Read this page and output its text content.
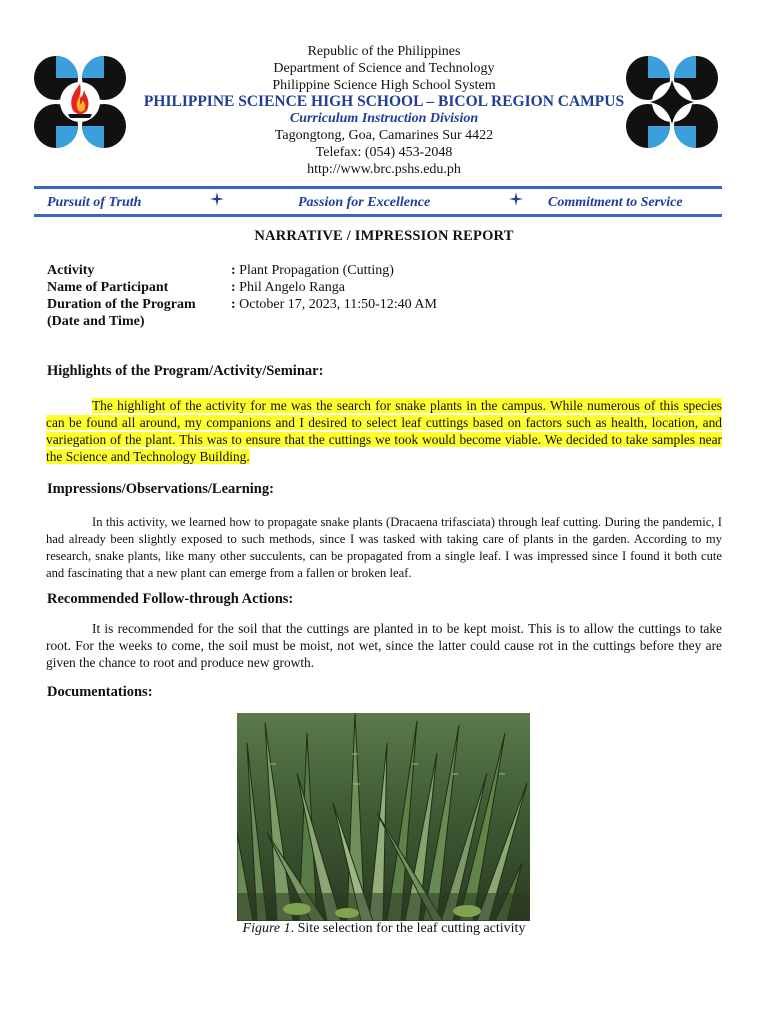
Republic of the Philippines
Department of Science and Technology
Philippine Science High School System
PHILIPPINE SCIENCE HIGH SCHOOL – BICOL REGION CAMPUS
Curriculum Instruction Division
Tagongtong, Goa, Camarines Sur 4422
Telefax: (054) 453-2048
http://www.brc.pshs.edu.ph
Pursuit of Truth	Passion for Excellence	Commitment to Service
NARRATIVE / IMPRESSION REPORT
Activity	: Plant Propagation (Cutting)
Name of Participant	: Phil Angelo Ranga
Duration of the Program	: October 17, 2023, 11:50-12:40 AM
(Date and Time)
Highlights of the Program/Activity/Seminar:
The highlight of the activity for me was the search for snake plants in the campus. While numerous of this species can be found all around, my companions and I desired to select leaf cuttings based on factors such as health, location, and variegation of the plant. This was to ensure that the cuttings we took would become viable. We decided to take samples near the Science and Technology Building.
Impressions/Observations/Learning:
In this activity, we learned how to propagate snake plants (Dracaena trifasciata) through leaf cutting. During the pandemic, I had already been slightly exposed to such methods, since I was tasked with taking care of plants in the garden. According to my research, snake plants, like many other succulents, can be propagated from a single leaf. I was impressed since I found it both cute and fascinating that a new plant can emerge from a fallen or broken leaf.
Recommended Follow-through Actions:
It is recommended for the soil that the cuttings are planted in to be kept moist. This is to allow the cuttings to take root. For the weeks to come, the soil must be moist, not wet, since the latter could cause rot in the cuttings before they are given the chance to root and produce new growth.
Documentations:
Figure 1. Site selection for the leaf cutting activity
